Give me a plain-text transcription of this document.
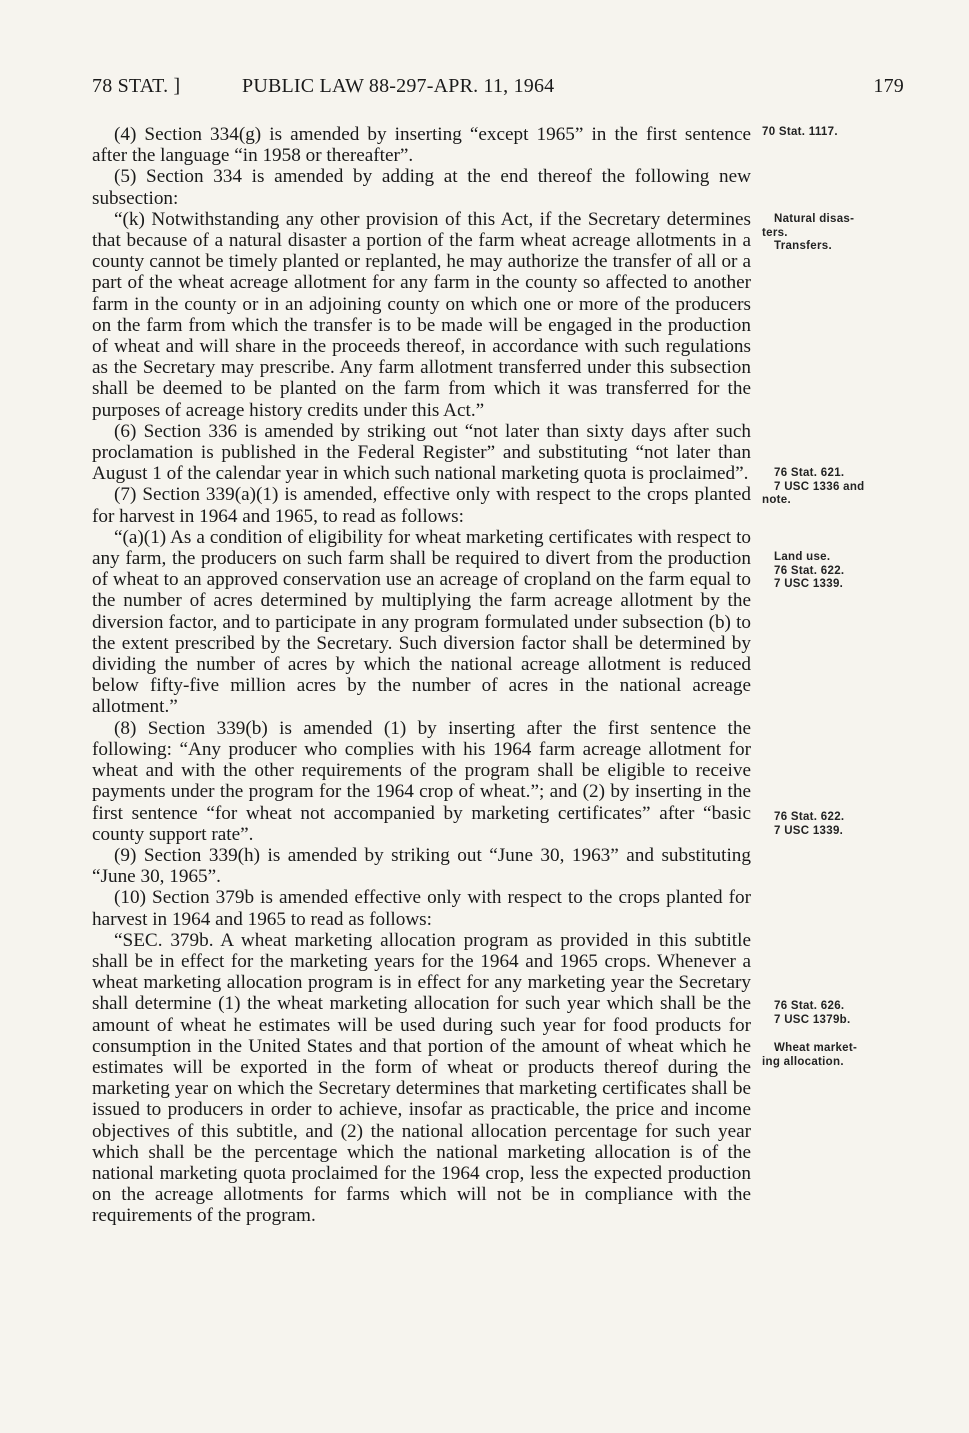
78 STAT. ]	PUBLIC LAW 88-297-APR. 11, 1964	179

(4) Section 334(g) is amended by inserting “except 1965” in the first sentence after the language “in 1958 or thereafter”.

(5) Section 334 is amended by adding at the end thereof the following new subsection:

“(k) Notwithstanding any other provision of this Act, if the Secretary determines that because of a natural disaster a portion of the farm wheat acreage allotments in a county cannot be timely planted or replanted, he may authorize the transfer of all or a part of the wheat acreage allotment for any farm in the county so affected to another farm in the county or in an adjoining county on which one or more of the producers on the farm from which the transfer is to be made will be engaged in the production of wheat and will share in the proceeds thereof, in accordance with such regulations as the Secretary may prescribe. Any farm allotment transferred under this subsection shall be deemed to be planted on the farm from which it was transferred for the purposes of acreage history credits under this Act.”

(6) Section 336 is amended by striking out “not later than sixty days after such proclamation is published in the Federal Register” and substituting “not later than August 1 of the calendar year in which such national marketing quota is proclaimed”.

(7) Section 339(a)(1) is amended, effective only with respect to the crops planted for harvest in 1964 and 1965, to read as follows:

“(a)(1) As a condition of eligibility for wheat marketing certificates with respect to any farm, the producers on such farm shall be required to divert from the production of wheat to an approved conservation use an acreage of cropland on the farm equal to the number of acres determined by multiplying the farm acreage allotment by the diversion factor, and to participate in any program formulated under subsection (b) to the extent prescribed by the Secretary. Such diversion factor shall be determined by dividing the number of acres by which the national acreage allotment is reduced below fifty-five million acres by the number of acres in the national acreage allotment.”

(8) Section 339(b) is amended (1) by inserting after the first sentence the following: “Any producer who complies with his 1964 farm acreage allotment for wheat and with the other requirements of the program shall be eligible to receive payments under the program for the 1964 crop of wheat.”; and (2) by inserting in the first sentence “for wheat not accompanied by marketing certificates” after “basic county support rate”.

(9) Section 339(h) is amended by striking out “June 30, 1963” and substituting “June 30, 1965”.

(10) Section 379b is amended effective only with respect to the crops planted for harvest in 1964 and 1965 to read as follows:

“SEC. 379b. A wheat marketing allocation program as provided in this subtitle shall be in effect for the marketing years for the 1964 and 1965 crops. Whenever a wheat marketing allocation program is in effect for any marketing year the Secretary shall determine (1) the wheat marketing allocation for such year which shall be the amount of wheat he estimates will be used during such year for food products for consumption in the United States and that portion of the amount of wheat which he estimates will be exported in the form of wheat or products thereof during the marketing year on which the Secretary determines that marketing certificates shall be issued to producers in order to achieve, insofar as practicable, the price and income objectives of this subtitle, and (2) the national allocation percentage for such year which shall be the percentage which the national marketing allocation is of the national marketing quota proclaimed for the 1964 crop, less the expected production on the acreage allotments for farms which will not be in compliance with the requirements of the program.

70 Stat. 1117.
Natural disas-
ters.
Transfers.
76 Stat. 621.
7 USC 1336 and
note.
Land use.
76 Stat. 622.
7 USC 1339.
76 Stat. 622.
7 USC 1339.
76 Stat. 626.
7 USC 1379b.
Wheat market-
ing allocation.
